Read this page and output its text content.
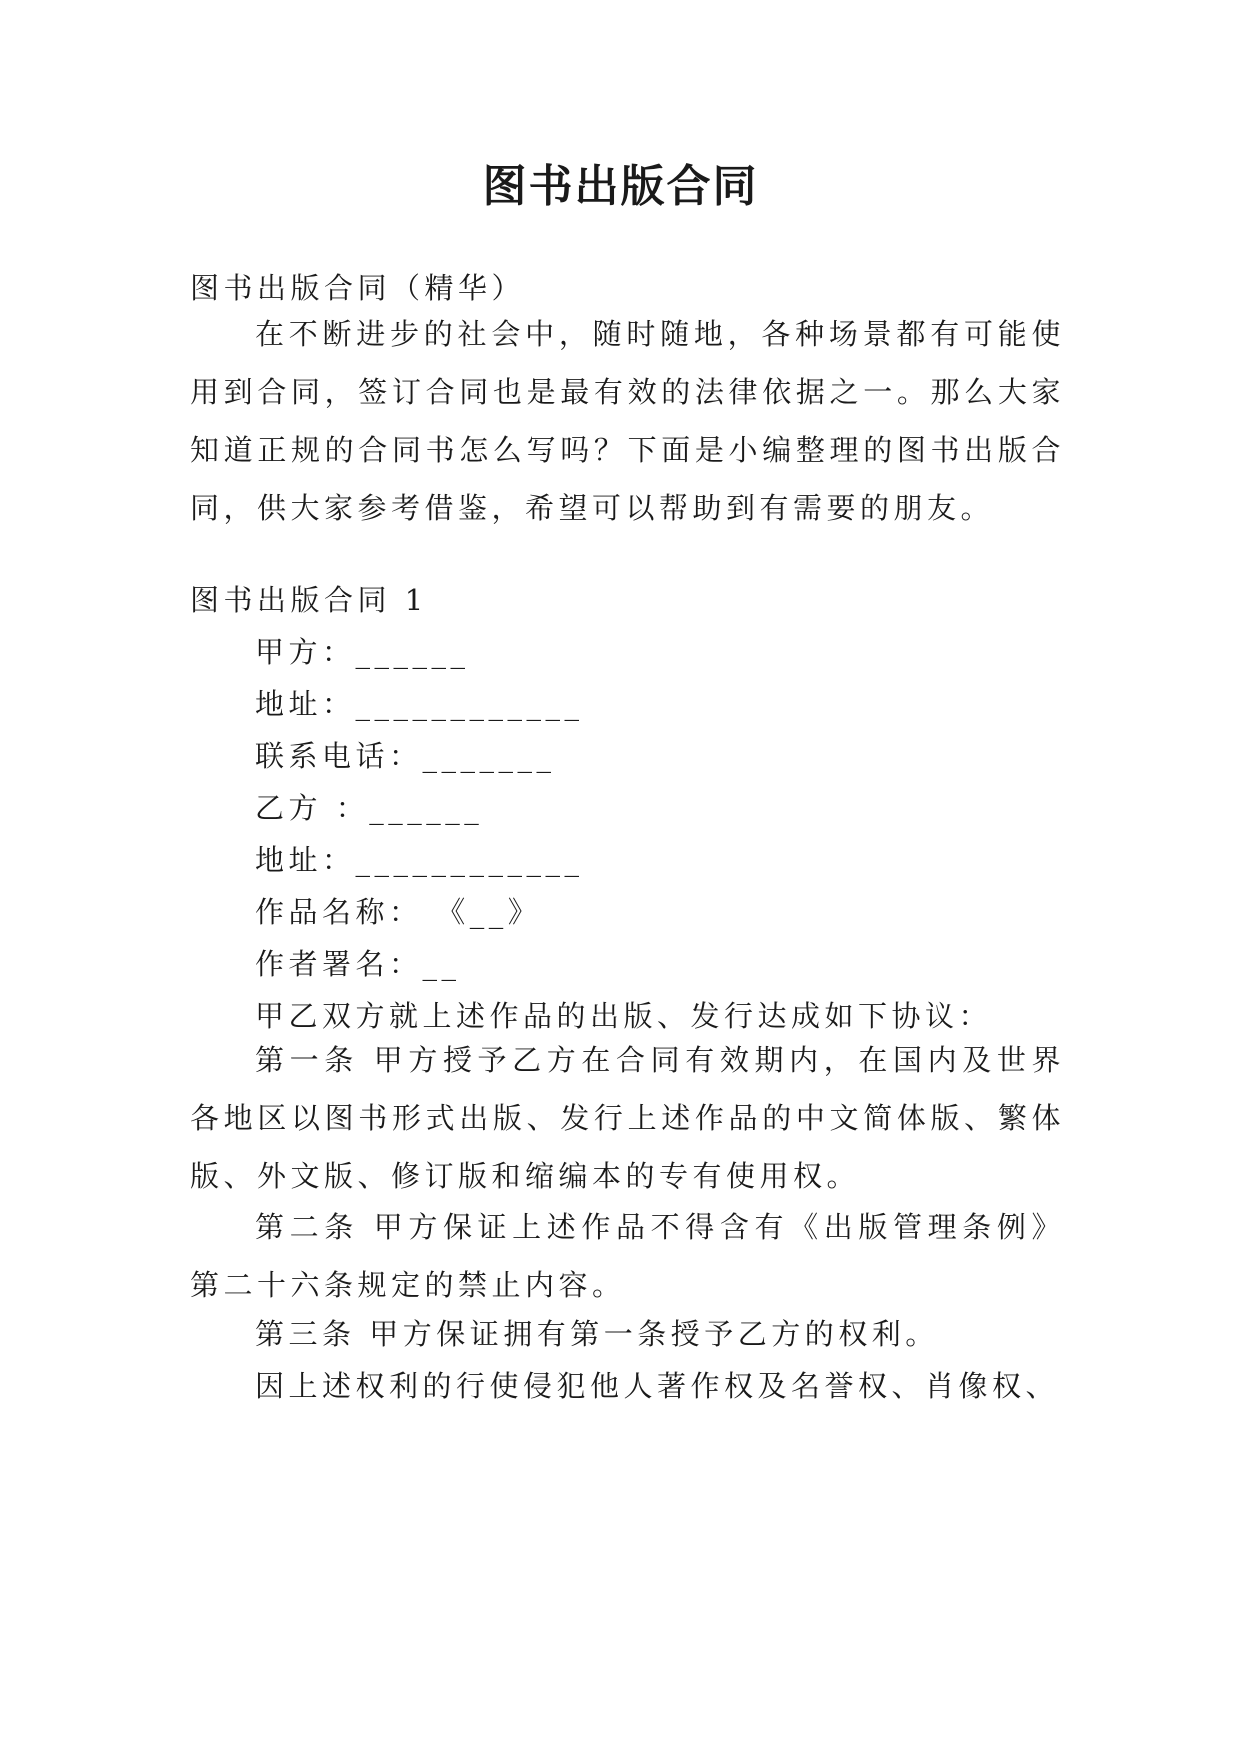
图书出版合同
图书出版合同（精华）
在不断进步的社会中，随时随地，各种场景都有可能使用到合同，签订合同也是最有效的法律依据之一。那么大家知道正规的合同书怎么写吗？下面是小编整理的图书出版合同，供大家参考借鉴，希望可以帮助到有需要的朋友。
图书出版合同 1
甲方：______
地址：____________
联系电话：_______
乙方 ：______
地址：____________
作品名称： 《__》
作者署名：__
甲乙双方就上述作品的出版、发行达成如下协议：
第一条 甲方授予乙方在合同有效期内，在国内及世界各地区以图书形式出版、发行上述作品的中文简体版、繁体版、外文版、修订版和缩编本的专有使用权。
第二条 甲方保证上述作品不得含有《出版管理条例》第二十六条规定的禁止内容。
第三条 甲方保证拥有第一条授予乙方的权利。
因上述权利的行使侵犯他人著作权及名誉权、肖像权、
